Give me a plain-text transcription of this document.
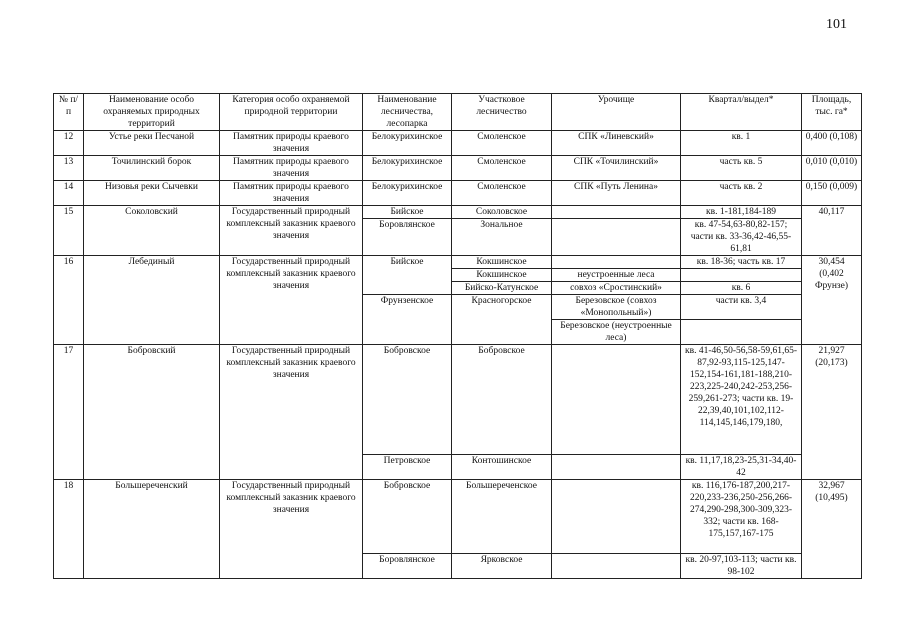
101
№ п/п	Наименование особо охраняемых природных территорий	Категория особо охраняемой природной территории	Наименование лесничества, лесопарка	Участковое лесничество	Урочище	Квартал/выдел*	Площадь, тыс. га*
12	Устье реки Песчаной	Памятник природы краевого значения	Белокурихинское	Смоленское	СПК «Линевский»	кв. 1	0,400 (0,108)
13	Точилинский борок	Памятник природы краевого значения	Белокурихинское	Смоленское	СПК «Точилинский»	часть кв. 5	0,010 (0,010)
14	Низовья реки Сычевки	Памятник природы краевого значения	Белокурихинское	Смоленское	СПК «Путь Ленина»	часть кв. 2	0,150 (0,009)
15	Соколовский	Государственный природный комплексный заказник краевого значения	Бийское	Соколовское		кв. 1-181,184-189	40,117
			Боровлянское	Зональное		кв. 47-54,63-80,82-157; части кв. 33-36,42-46,55-61,81	
16	Лебединый	Государственный природный комплексный заказник краевого значения	Бийское	Кокшинское		кв. 18-36; часть кв. 17	30,454 (0,402 Фрунзе)
				Кокшинское	неустроенные леса		
				Бийско-Катунское	совхоз «Сростинский»	кв. 6	
			Фрунзенское	Красногорское	Березовское (совхоз «Монопольный»)	части кв. 3,4	
					Березовское (неустроенные леса)		
17	Бобровский	Государственный природный комплексный заказник краевого значения	Бобровское	Бобровское		кв. 41-46,50-56,58-59,61,65-87,92-93,115-125,147-152,154-161,181-188,210-223,225-240,242-253,256-259,261-273; части кв. 19-22,39,40,101,102,112-114,145,146,179,180,	21,927 (20,173)
			Петровское	Контошинское		кв. 11,17,18,23-25,31-34,40-42	
18	Большереченский	Государственный природный комплексный заказник краевого значения	Бобровское	Большереченское		кв. 116,176-187,200,217-220,233-236,250-256,266-274,290-298,300-309,323-332; части кв. 168-175,157,167-175	32,967 (10,495)
			Боровлянское	Ярковское		кв. 20-97,103-113; части кв. 98-102	
